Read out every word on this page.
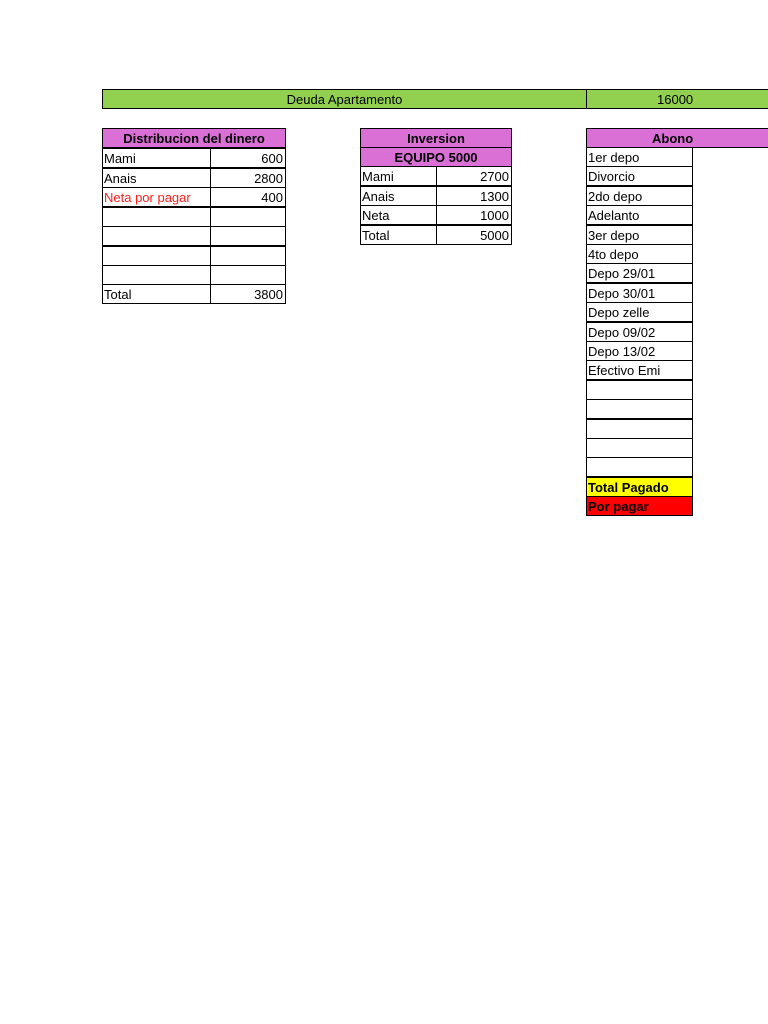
Deuda Apartamento	16000
Distribucion del dinero
Mami	600
Anais	2800
Neta por pagar	400
Total	3800
Inversion
EQUIPO 5000
Mami	2700
Anais	1300
Neta	1000
Total	5000
Abono
1er depo
Divorcio
2do depo
Adelanto
3er depo
4to depo
Depo 29/01
Depo 30/01
Depo zelle
Depo 09/02
Depo 13/02
Efectivo Emi
Total Pagado
Por pagar
